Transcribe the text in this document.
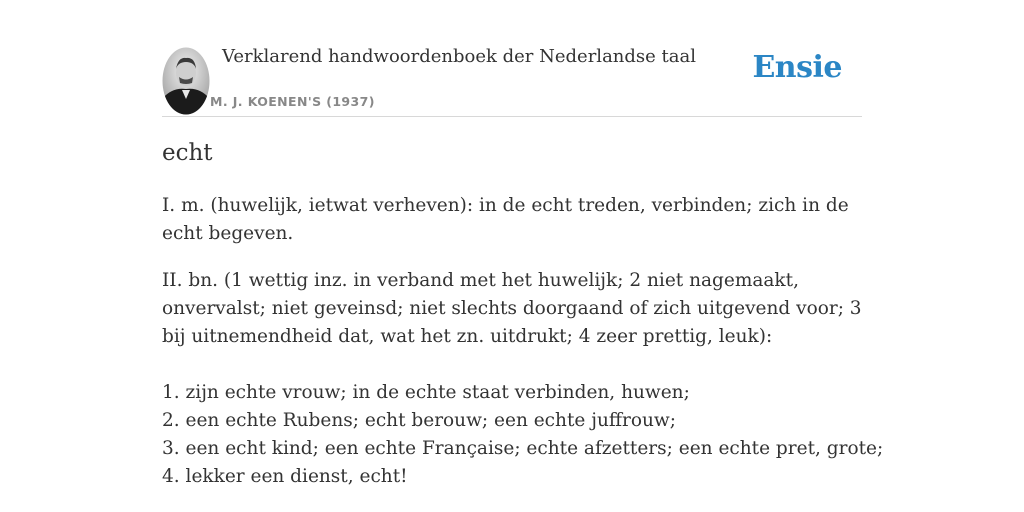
Verklarend handwoordenboek der Nederlandse taal
M. J. KOENEN'S (1937)
Ensie
echt

I. m. (huwelijk, ietwat verheven): in de echt treden, verbinden; zich in de echt begeven.

II. bn. (1 wettig inz. in verband met het huwelijk; 2 niet nagemaakt, onvervalst; niet geveinsd; niet slechts doorgaand of zich uitgevend voor; 3 bij uitnemendheid dat, wat het zn. uitdrukt; 4 zeer prettig, leuk):

1. zijn echte vrouw; in de echte staat verbinden, huwen;
2. een echte Rubens; echt berouw; een echte juffrouw;
3. een echt kind; een echte Française; echte afzetters; een echte pret, grote;
4. lekker een dienst, echt!
